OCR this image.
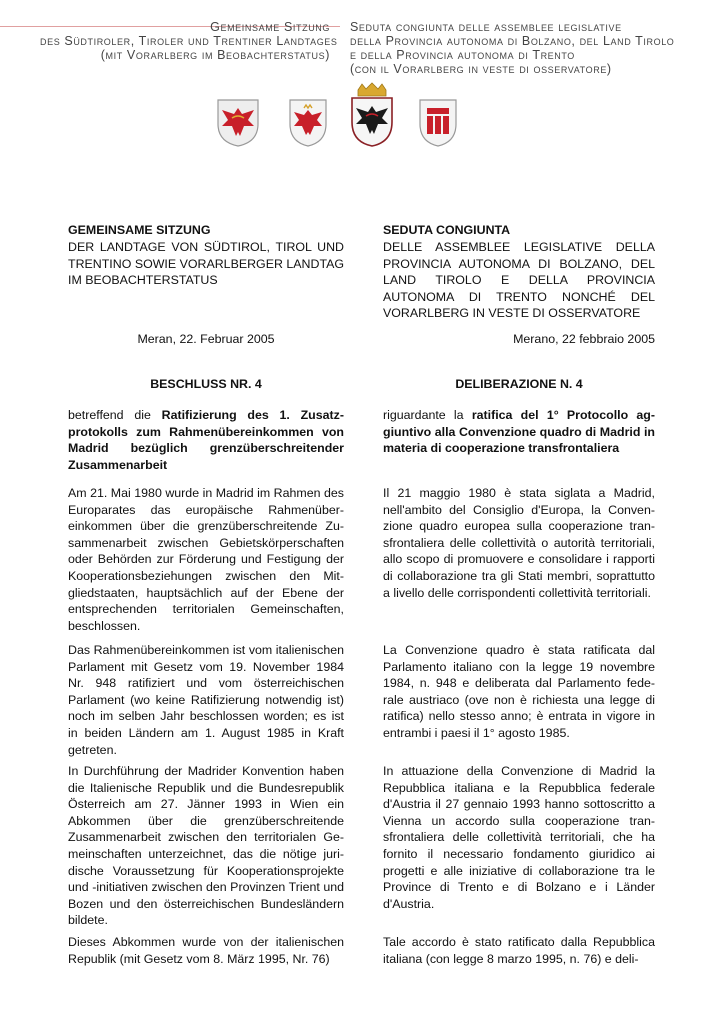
Gemeinsame Sitzung
des Südtiroler, Tiroler und Trentiner Landtages
(mit Vorarlberg im Beobachterstatus)
Seduta congiunta delle assemblee legislative
della Provincia autonoma di Bolzano, del Land Tirolo
e della Provincia autonoma di Trento
(con il Vorarlberg in veste di osservatore)

GEMEINSAME SITZUNG

DER LANDTAGE VON SÜDTIROL, TIROL UND TRENTINO SOWIE VORARLBERGER LANDTAG IM BEOBACHTERSTATUS

Meran, 22. Februar 2005

BESCHLUSS NR. 4

betreffend die Ratifizierung des 1. Zusatzprotokolls zum Rahmenübereinkommen von Madrid bezüglich grenzüberschreitender Zusammenarbeit

Am 21. Mai 1980 wurde in Madrid im Rahmen des Europarates das europäische Rahmenübereinkommen über die grenzüberschreitende Zusammenarbeit zwischen Gebietskörperschaften oder Behörden zur Förderung und Festigung der Kooperationsbeziehungen zwischen den Mitgliedstaaten, hauptsächlich auf der Ebene der entsprechenden territorialen Gemeinschaften, beschlossen.

Das Rahmenübereinkommen ist vom italienischen Parlament mit Gesetz vom 19. November 1984 Nr. 948 ratifiziert und vom österreichischen Parlament (wo keine Ratifizierung notwendig ist) noch im selben Jahr beschlossen worden; es ist in beiden Ländern am 1. August 1985 in Kraft getreten.

In Durchführung der Madrider Konvention haben die Italienische Republik und die Bundesrepublik Österreich am 27. Jänner 1993 in Wien ein Abkommen über die grenzüberschreitende Zusammenarbeit zwischen den territorialen Gemeinschaften unterzeichnet, das die nötige juridische Voraussetzung für Kooperationsprojekte und -initiativen zwischen den Provinzen Trient und Bozen und den österreichischen Bundesländern bildete.

Dieses Abkommen wurde von der italienischen Republik (mit Gesetz vom 8. März 1995, Nr. 76)

SEDUTA CONGIUNTA

DELLE ASSEMBLEE LEGISLATIVE DELLA PROVINCIA AUTONOMA DI BOLZANO, DEL LAND TIROLO E DELLA PROVINCIA AUTONOMA DI TRENTO NONCHÉ DEL VORARLBERG IN VESTE DI OSSERVATORE

Merano, 22 febbraio 2005

DELIBERAZIONE N. 4

riguardante la ratifica del 1° Protocollo aggiuntivo alla Convenzione quadro di Madrid in materia di cooperazione transfrontaliera

Il 21 maggio 1980 è stata siglata a Madrid, nell'ambito del Consiglio d'Europa, la Convenzione quadro europea sulla cooperazione transfrontaliera delle collettività o autorità territoriali, allo scopo di promuovere e consolidare i rapporti di collaborazione tra gli Stati membri, soprattutto a livello delle corrispondenti collettività territoriali.

La Convenzione quadro è stata ratificata dal Parlamento italiano con la legge 19 novembre 1984, n. 948 e deliberata dal Parlamento federale austriaco (ove non è richiesta una legge di ratifica) nello stesso anno; è entrata in vigore in entrambi i paesi il 1° agosto 1985.

In attuazione della Convenzione di Madrid la Repubblica italiana e la Repubblica federale d'Austria il 27 gennaio 1993 hanno sottoscritto a Vienna un accordo sulla cooperazione transfrontaliera delle collettività territoriali, che ha fornito il necessario fondamento giuridico ai progetti e alle iniziative di collaborazione tra le Province di Trento e di Bolzano e i Länder d'Austria.

Tale accordo è stato ratificato dalla Repubblica italiana (con legge 8 marzo 1995, n. 76) e deli-
